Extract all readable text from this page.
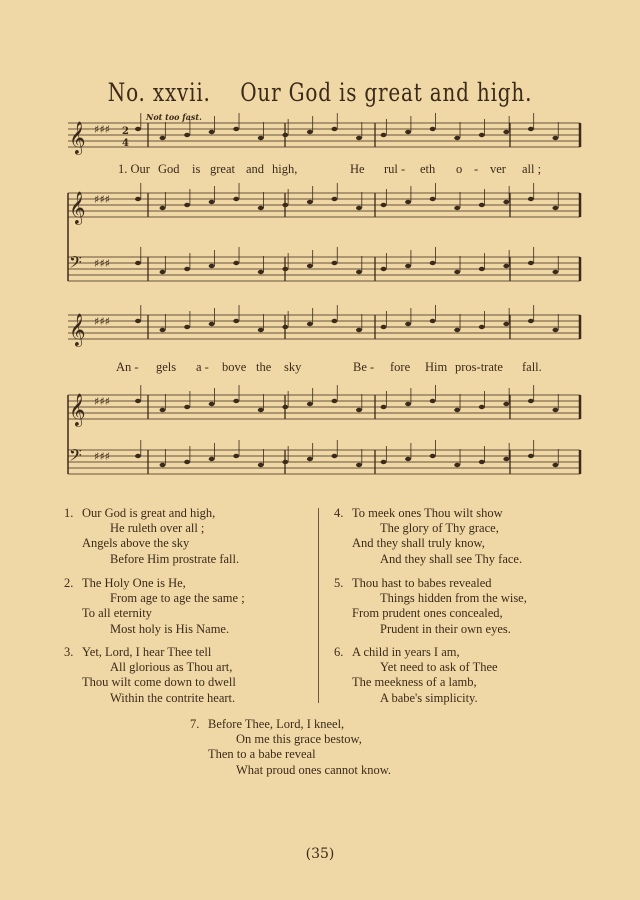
No. xxvii. Our God is great and high.
Not too fast.
𝄞 ♯♯♯
𝄞 ♯♯♯
𝄢 ♯♯♯
𝄞 ♯♯♯
𝄞 ♯♯♯
𝄢 ♯♯♯
2
4
1. Our God is great and high,	He rul - eth o - ver all ;
An - gels a - bove the sky	Be - fore Him pros-trate fall.
1. Our God is great and high,
He ruleth over all ;
Angels above the sky
Before Him prostrate fall.
2. The Holy One is He,
From age to age the same ;
To all eternity
Most holy is His Name.
3. Yet, Lord, I hear Thee tell
All glorious as Thou art,
Thou wilt come down to dwell
Within the contrite heart.
4. To meek ones Thou wilt show
The glory of Thy grace,
And they shall truly know,
And they shall see Thy face.
5. Thou hast to babes revealed
Things hidden from the wise,
From prudent ones concealed,
Prudent in their own eyes.
6. A child in years I am,
Yet need to ask of Thee
The meekness of a lamb,
A babe's simplicity.
7. Before Thee, Lord, I kneel,
On me this grace bestow,
Then to a babe reveal
What proud ones cannot know.
(35)
